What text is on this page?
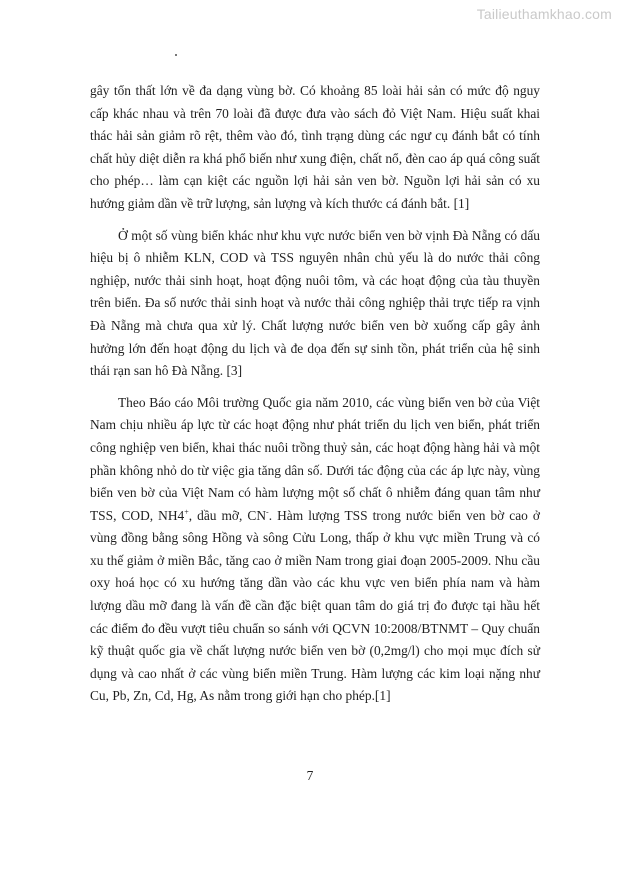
Tailieuthamkhao.com

gây tổn thất lớn về đa dạng vùng bờ. Có khoảng 85 loài hải sản có mức độ nguy cấp khác nhau và trên 70 loài đã được đưa vào sách đỏ Việt Nam. Hiệu suất khai thác hải sản giảm rõ rệt, thêm vào đó, tình trạng dùng các ngư cụ đánh bắt có tính chất hủy diệt diễn ra khá phổ biến như xung điện, chất nổ, đèn cao áp quá công suất cho phép… làm cạn kiệt các nguồn lợi hải sản ven bờ. Nguồn lợi hải sản có xu hướng giảm dần về trữ lượng, sản lượng và kích thước cá đánh bắt. [1]

Ở một số vùng biển khác như khu vực nước biển ven bờ vịnh Đà Nẵng có dấu hiệu bị ô nhiễm KLN, COD và TSS nguyên nhân chủ yếu là do nước thải công nghiệp, nước thải sinh hoạt, hoạt động nuôi tôm, và các hoạt động của tàu thuyền trên biển. Đa số nước thải sinh hoạt và nước thải công nghiệp thải trực tiếp ra vịnh Đà Nẵng mà chưa qua xử lý. Chất lượng nước biển ven bờ xuống cấp gây ảnh hưởng lớn đến hoạt động du lịch và đe dọa đến sự sinh tồn, phát triển của hệ sinh thái rạn san hô Đà Nẵng. [3]

Theo Báo cáo Môi trường Quốc gia năm 2010, các vùng biển ven bờ của Việt Nam chịu nhiều áp lực từ các hoạt động như phát triển du lịch ven biển, phát triển công nghiệp ven biển, khai thác nuôi trồng thuỷ sản, các hoạt động hàng hải và một phần không nhỏ do từ việc gia tăng dân số. Dưới tác động của các áp lực này, vùng biển ven bờ của Việt Nam có hàm lượng một số chất ô nhiễm đáng quan tâm như TSS, COD, NH4+, dầu mỡ, CN-. Hàm lượng TSS trong nước biển ven bờ cao ở vùng đồng bằng sông Hồng và sông Cửu Long, thấp ở khu vực miền Trung và có xu thế giảm ở miền Bắc, tăng cao ở miền Nam trong giai đoạn 2005-2009. Nhu cầu oxy hoá học có xu hướng tăng dần vào các khu vực ven biển phía nam và hàm lượng dầu mỡ đang là vấn đề cần đặc biệt quan tâm do giá trị đo được tại hầu hết các điểm đo đều vượt tiêu chuẩn so sánh với QCVN 10:2008/BTNMT – Quy chuẩn kỹ thuật quốc gia về chất lượng nước biển ven bờ (0,2mg/l) cho mọi mục đích sử dụng và cao nhất ở các vùng biển miền Trung. Hàm lượng các kim loại nặng như Cu, Pb, Zn, Cd, Hg, As nằm trong giới hạn cho phép.[1]

7
